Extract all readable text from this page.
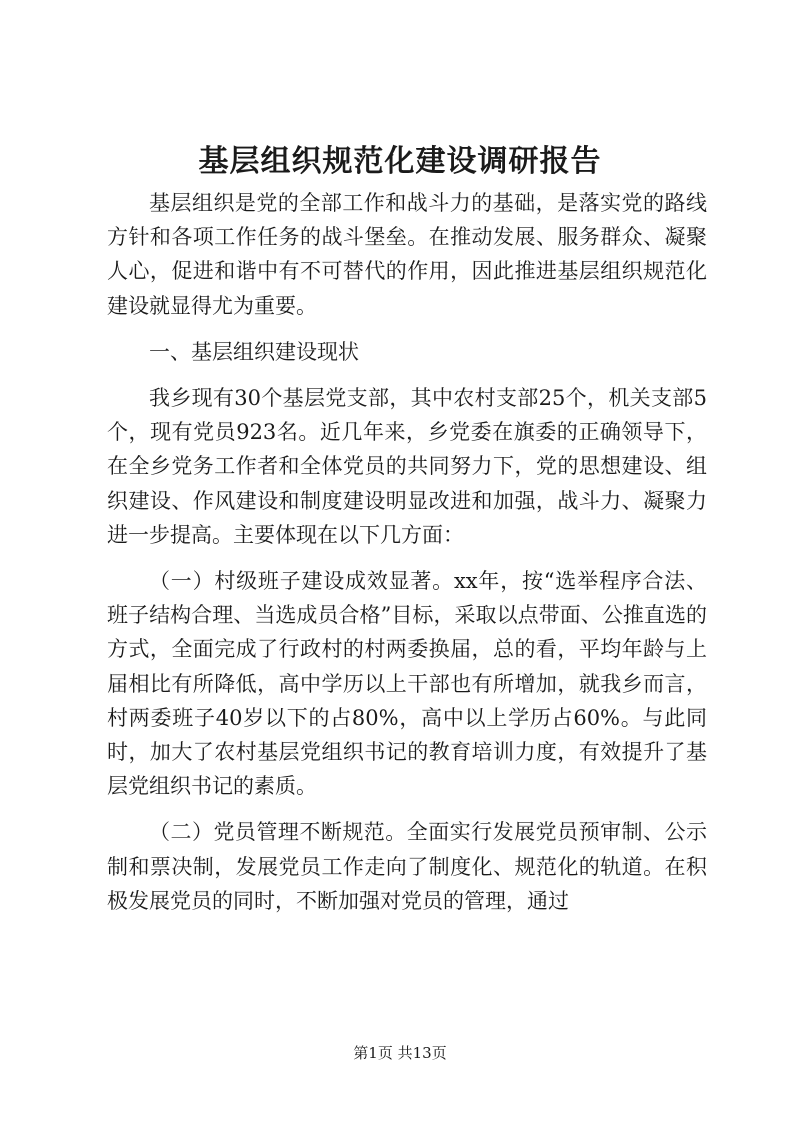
基层组织规范化建设调研报告

基层组织是党的全部工作和战斗力的基础，是落实党的路线方针和各项工作任务的战斗堡垒。在推动发展、服务群众、凝聚人心，促进和谐中有不可替代的作用，因此推进基层组织规范化建设就显得尤为重要。

一、基层组织建设现状

我乡现有30个基层党支部，其中农村支部25个，机关支部5个，现有党员923名。近几年来，乡党委在旗委的正确领导下，在全乡党务工作者和全体党员的共同努力下，党的思想建设、组织建设、作风建设和制度建设明显改进和加强，战斗力、凝聚力进一步提高。主要体现在以下几方面：

（一）村级班子建设成效显著。xx年，按“选举程序合法、班子结构合理、当选成员合格”目标，采取以点带面、公推直选的方式，全面完成了行政村的村两委换届，总的看，平均年龄与上届相比有所降低，高中学历以上干部也有所增加，就我乡而言，村两委班子40岁以下的占80%，高中以上学历占60%。与此同时，加大了农村基层党组织书记的教育培训力度，有效提升了基层党组织书记的素质。

（二）党员管理不断规范。全面实行发展党员预审制、公示制和票决制，发展党员工作走向了制度化、规范化的轨道。在积极发展党员的同时，不断加强对党员的管理，通过

第1页 共13页
